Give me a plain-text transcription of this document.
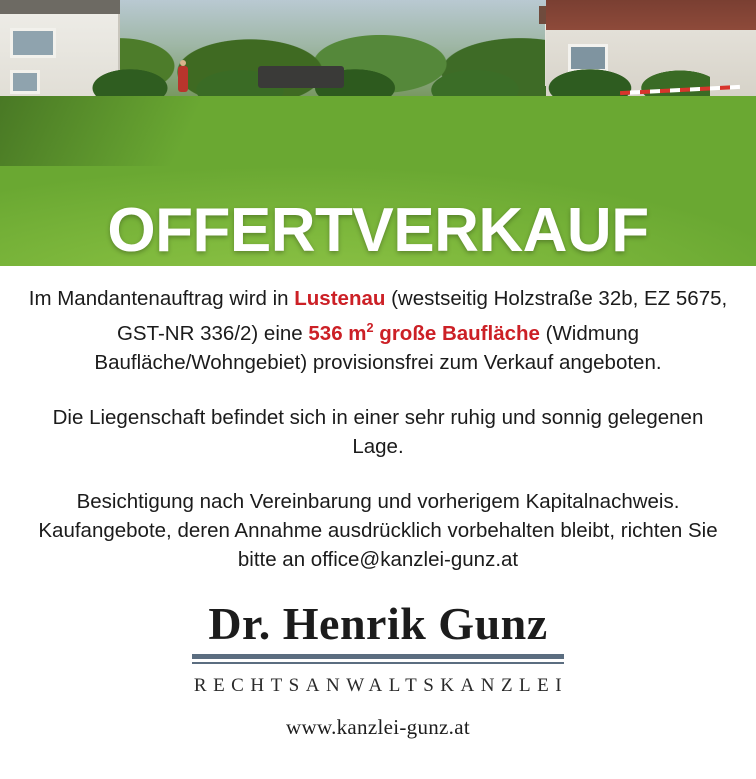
OFFERTVERKAUF

Im Mandantenauftrag wird in Lustenau (westseitig Holzstraße 32b, EZ 5675, GST-NR 336/2) eine 536 $m^2$ große Baufläche (Widmung Baufläche/Wohngebiet) provisionsfrei zum Verkauf angeboten.

Die Liegenschaft befindet sich in einer sehr ruhig und sonnig gelegenen Lage.

Besichtigung nach Vereinbarung und vorherigem Kapitalnachweis. Kaufangebote, deren Annahme ausdrücklich vorbehalten bleibt, richten Sie bitte an office@kanzlei-gunz.at

Dr. Henrik Gunz
RECHTSANWALTSKANZLEI
www.kanzlei-gunz.at
